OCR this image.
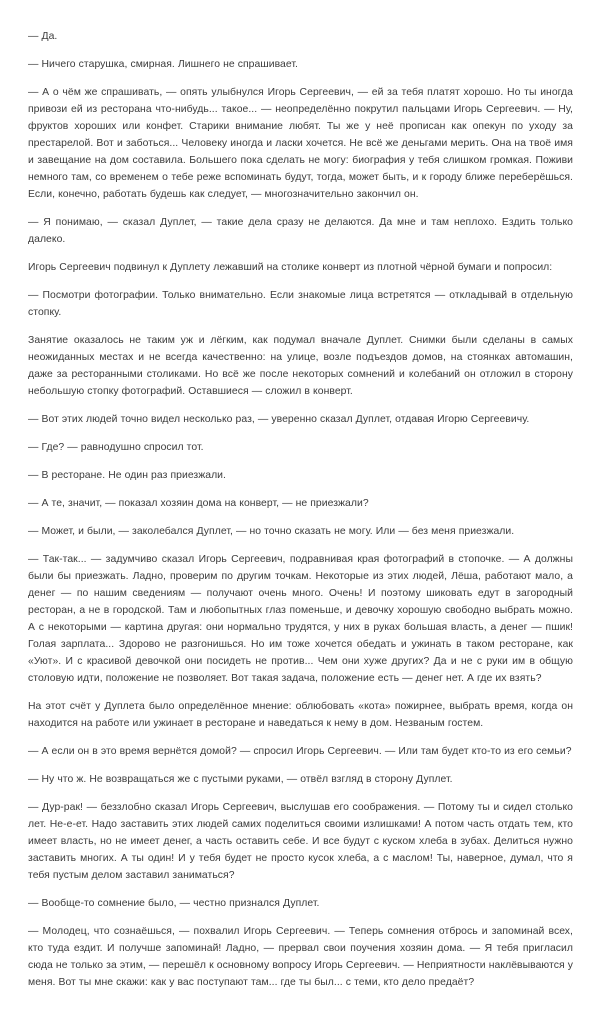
— Да.

— Ничего старушка, смирная. Лишнего не спрашивает.

— А о чём же спрашивать, — опять улыбнулся Игорь Сергеевич, — ей за тебя платят хорошо. Но ты иногда привози ей из ресторана что-нибудь... такое... — неопределённо покрутил пальцами Игорь Сергеевич. — Ну, фруктов хороших или конфет. Старики внимание любят. Ты же у неё прописан как опекун по уходу за престарелой. Вот и заботься... Человеку иногда и ласки хочется. Не всё же деньгами мерить. Она на твоё имя и завещание на дом составила. Большего пока сделать не могу: биография у тебя слишком громкая. Поживи немного там, со временем о тебе реже вспоминать будут, тогда, может быть, и к городу ближе переберёшься. Если, конечно, работать будешь как следует, — многозначительно закончил он.

— Я понимаю, — сказал Дуплет, — такие дела сразу не делаются. Да мне и там неплохо. Ездить только далеко.

Игорь Сергеевич подвинул к Дуплету лежавший на столике конверт из плотной чёрной бумаги и попросил:

— Посмотри фотографии. Только внимательно. Если знакомые лица встретятся — откладывай в отдельную стопку.

Занятие оказалось не таким уж и лёгким, как подумал вначале Дуплет. Снимки были сделаны в самых неожиданных местах и не всегда качественно: на улице, возле подъездов домов, на стоянках автомашин, даже за ресторанными столиками. Но всё же после некоторых сомнений и колебаний он отложил в сторону небольшую стопку фотографий. Оставшиеся — сложил в конверт.

— Вот этих людей точно видел несколько раз, — уверенно сказал Дуплет, отдавая Игорю Сергеевичу.

— Где? — равнодушно спросил тот.

— В ресторане. Не один раз приезжали.

— А те, значит, — показал хозяин дома на конверт, — не приезжали?

— Может, и были, — заколебался Дуплет, — но точно сказать не могу. Или — без меня приезжали.

— Так-так... — задумчиво сказал Игорь Сергеевич, подравнивая края фотографий в стопочке. — А должны были бы приезжать. Ладно, проверим по другим точкам. Некоторые из этих людей, Лёша, работают мало, а денег — по нашим сведениям — получают очень много. Очень! И поэтому шиковать едут в загородный ресторан, а не в городской. Там и любопытных глаз поменьше, и девочку хорошую свободно выбрать можно. А с некоторыми — картина другая: они нормально трудятся, у них в руках большая власть, а денег — пшик! Голая зарплата... Здорово не разгонишься. Но им тоже хочется обедать и ужинать в таком ресторане, как «Уют». И с красивой девочкой они посидеть не против... Чем они хуже других? Да и не с руки им в общую столовую идти, положение не позволяет. Вот такая задача, положение есть — денег нет. А где их взять?

На этот счёт у Дуплета было определённое мнение: облюбовать «кота» пожирнее, выбрать время, когда он находится на работе или ужинает в ресторане и наведаться к нему в дом. Незваным гостем.

— А если он в это время вернётся домой? — спросил Игорь Сергеевич. — Или там будет кто-то из его семьи?

— Ну что ж. Не возвращаться же с пустыми руками, — отвёл взгляд в сторону Дуплет.

— Дур-рак! — беззлобно сказал Игорь Сергеевич, выслушав его соображения. — Потому ты и сидел столько лет. Не-е-ет. Надо заставить этих людей самих поделиться своими излишками! А потом часть отдать тем, кто имеет власть, но не имеет денег, а часть оставить себе. И все будут с куском хлеба в зубах. Делиться нужно заставить многих. А ты один! И у тебя будет не просто кусок хлеба, а с маслом! Ты, наверное, думал, что я тебя пустым делом заставил заниматься?

— Вообще-то сомнение было, — честно признался Дуплет.

— Молодец, что сознаёшься, — похвалил Игорь Сергеевич. — Теперь сомнения отбрось и запоминай всех, кто туда ездит. И получше запоминай! Ладно, — прервал свои поучения хозяин дома. — Я тебя пригласил сюда не только за этим, — перешёл к основному вопросу Игорь Сергеевич. — Неприятности наклёвываются у меня. Вот ты мне скажи: как у вас поступают там... где ты был... с теми, кто дело предаёт?
